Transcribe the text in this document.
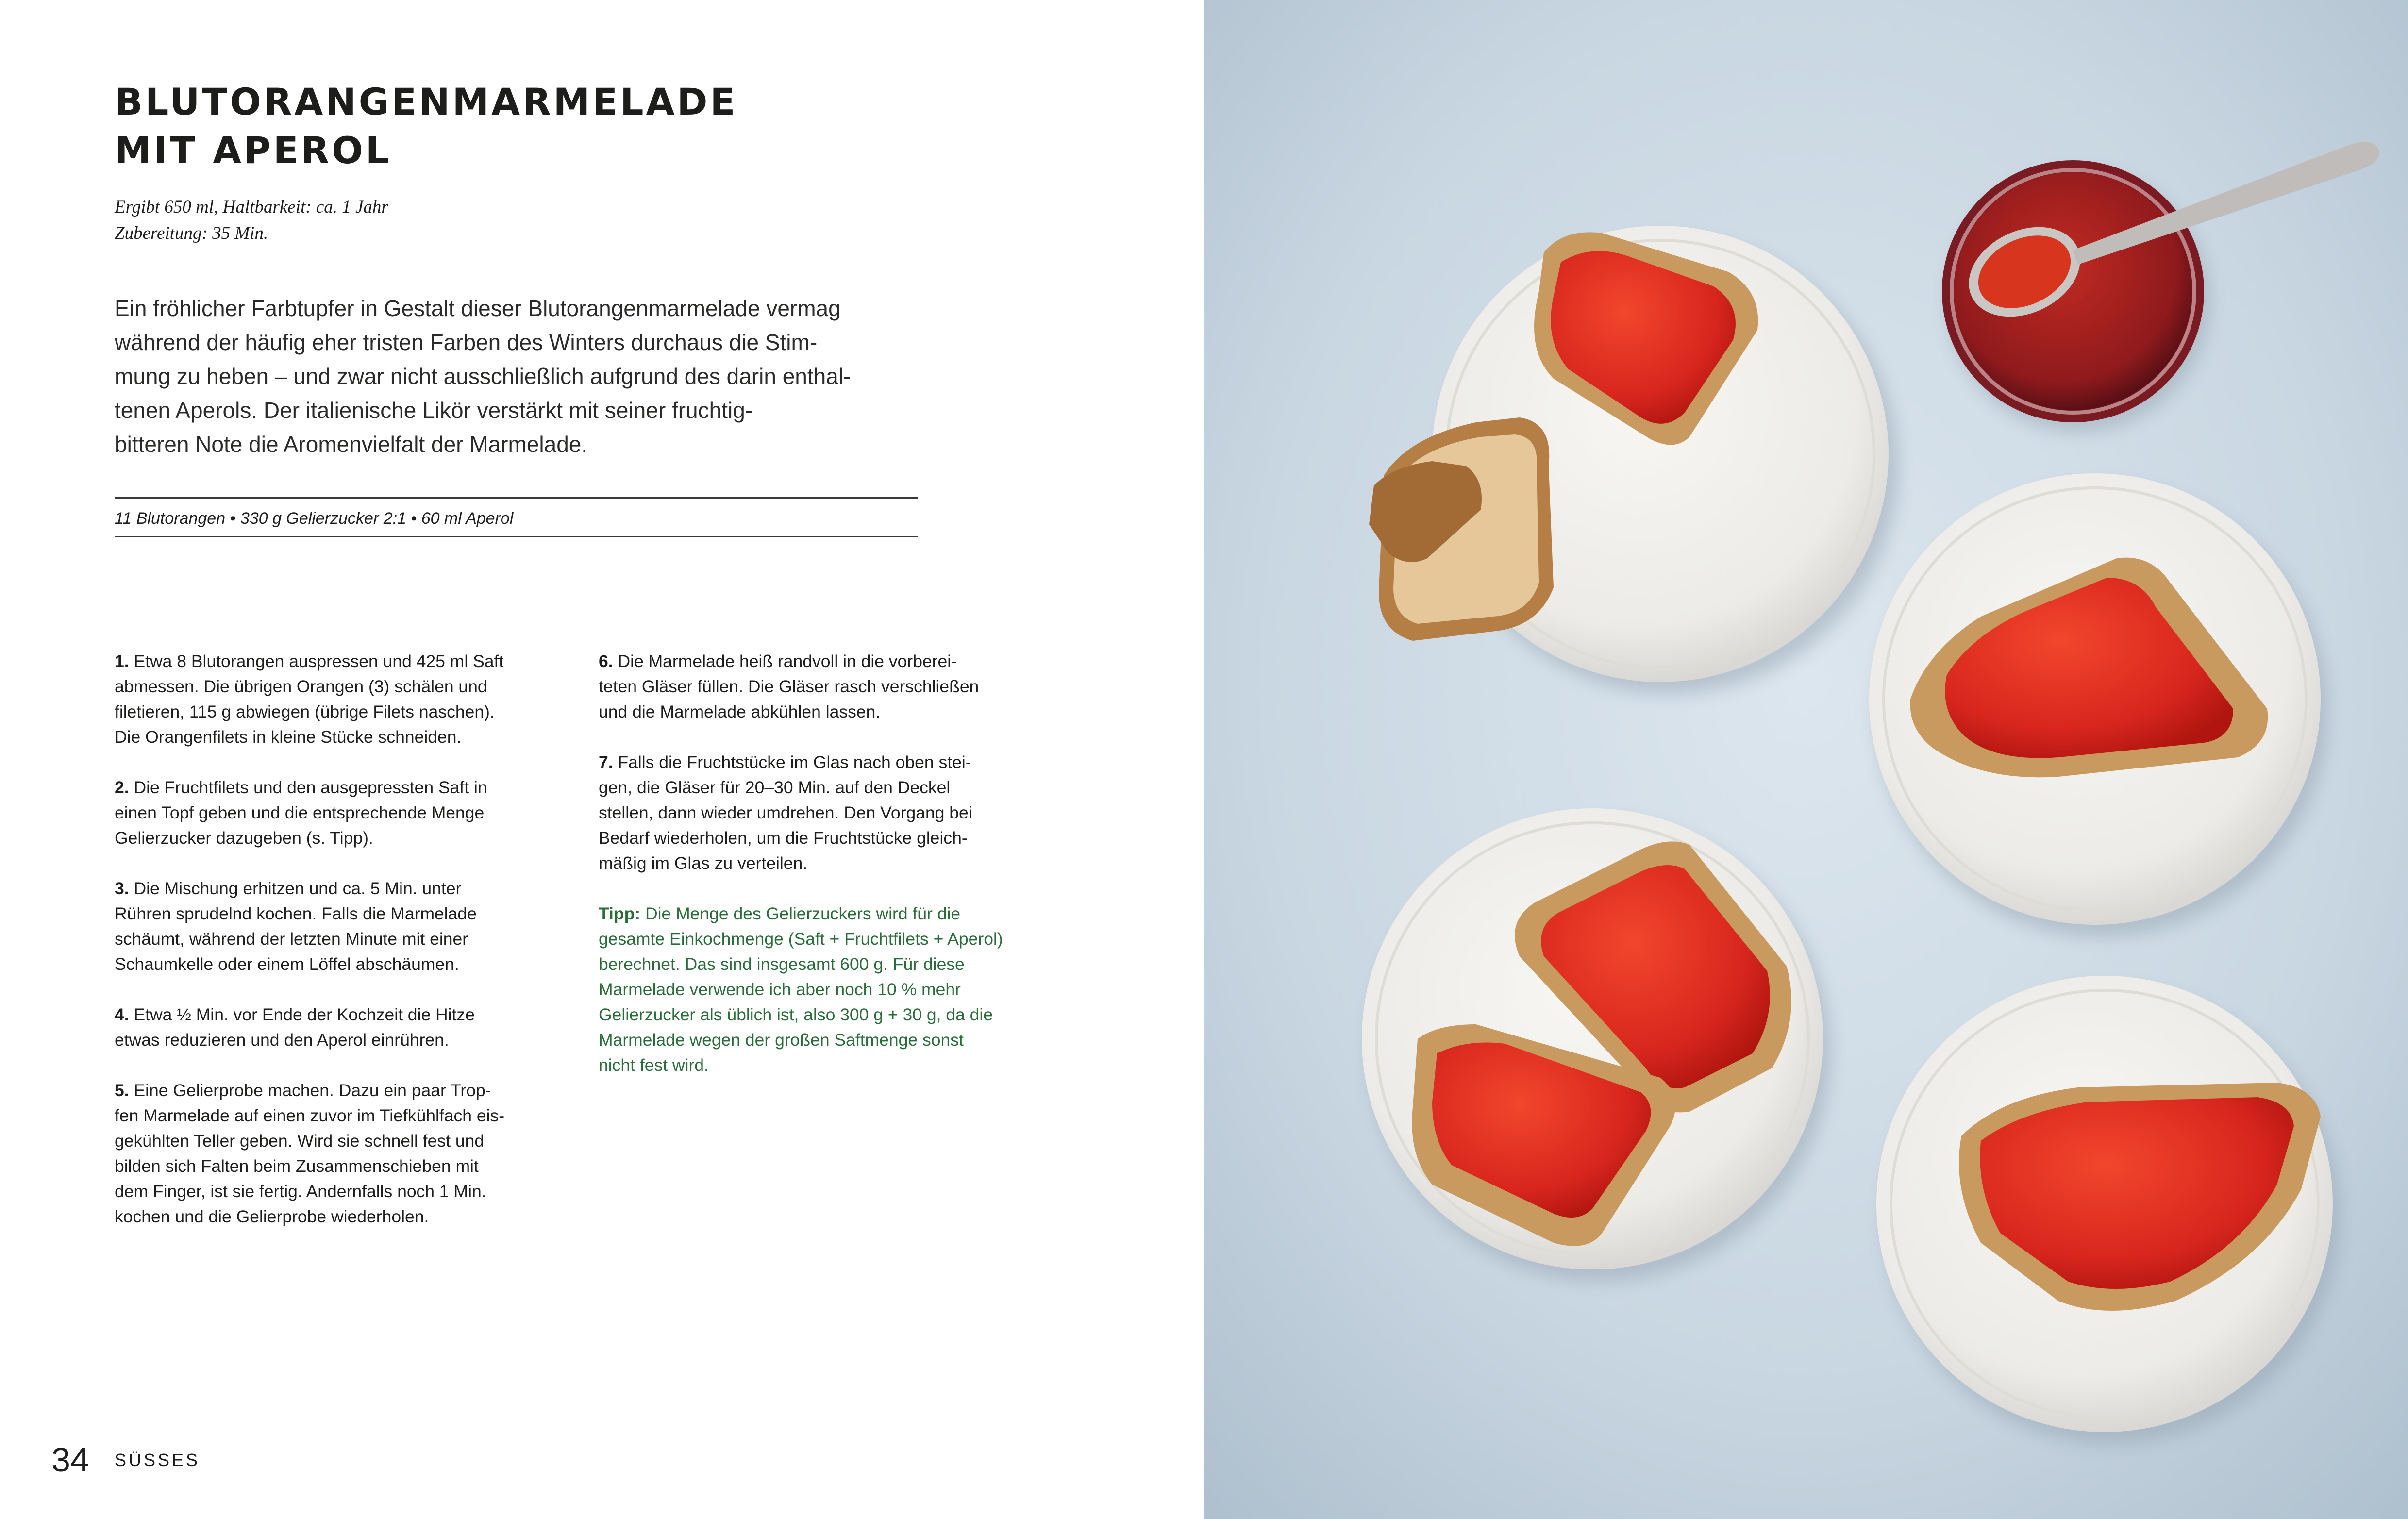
BLUTORANGENMARMELADE
MIT APEROL
Ergibt 650 ml, Haltbarkeit: ca. 1 Jahr
Zubereitung: 35 Min.
Ein fröhlicher Farbtupfer in Gestalt dieser Blutorangenmarmelade vermag
während der häufig eher tristen Farben des Winters durchaus die Stim-
mung zu heben – und zwar nicht ausschließlich aufgrund des darin enthal-
tenen Aperols. Der italienische Likör verstärkt mit seiner fruchtig-
bitteren Note die Aromenvielfalt der Marmelade.
11 Blutorangen • 330 g Gelierzucker 2:1 • 60 ml Aperol
1. Etwa 8 Blutorangen auspressen und 425 ml Saft
abmessen. Die übrigen Orangen (3) schälen und
filetieren, 115 g abwiegen (übrige Filets naschen).
Die Orangenfilets in kleine Stücke schneiden.
2. Die Fruchtfilets und den ausgepressten Saft in
einen Topf geben und die entsprechende Menge
Gelierzucker dazugeben (s. Tipp).
3. Die Mischung erhitzen und ca. 5 Min. unter
Rühren sprudelnd kochen. Falls die Marmelade
schäumt, während der letzten Minute mit einer
Schaumkelle oder einem Löffel abschäumen.
4. Etwa ½ Min. vor Ende der Kochzeit die Hitze
etwas reduzieren und den Aperol einrühren.
5. Eine Gelierprobe machen. Dazu ein paar Trop-
fen Marmelade auf einen zuvor im Tiefkühlfach eis-
gekühlten Teller geben. Wird sie schnell fest und
bilden sich Falten beim Zusammenschieben mit
dem Finger, ist sie fertig. Andernfalls noch 1 Min.
kochen und die Gelierprobe wiederholen.
6. Die Marmelade heiß randvoll in die vorberei-
teten Gläser füllen. Die Gläser rasch verschließen
und die Marmelade abkühlen lassen.
7. Falls die Fruchtstücke im Glas nach oben stei-
gen, die Gläser für 20–30 Min. auf den Deckel
stellen, dann wieder umdrehen. Den Vorgang bei
Bedarf wiederholen, um die Fruchtstücke gleich-
mäßig im Glas zu verteilen.
Tipp: Die Menge des Gelierzuckers wird für die
gesamte Einkochmenge (Saft + Fruchtfilets + Aperol)
berechnet. Das sind insgesamt 600 g. Für diese
Marmelade verwende ich aber noch 10 % mehr
Gelierzucker als üblich ist, also 300 g + 30 g, da die
Marmelade wegen der großen Saftmenge sonst
nicht fest wird.
34 SÜSSES
